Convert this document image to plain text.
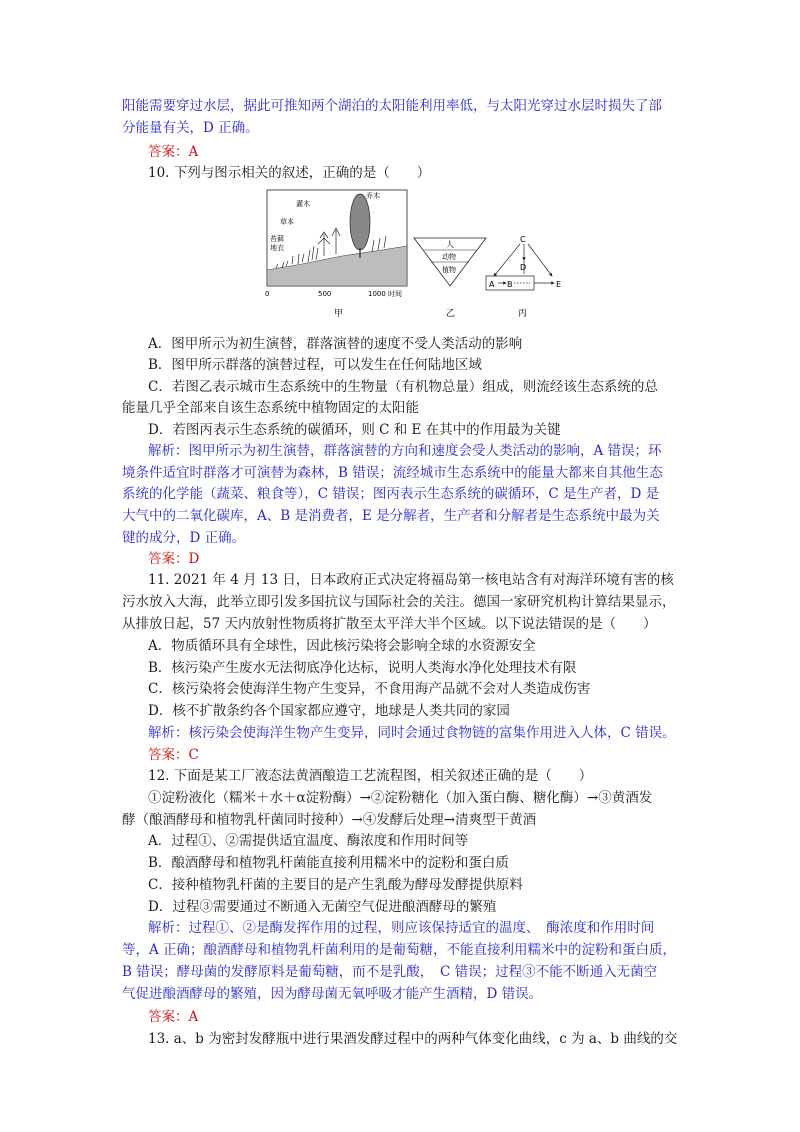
阳能需要穿过水层，据此可推知两个湖泊的太阳能利用率低，与太阳光穿过水层时损失了部
分能量有关，D 正确。
答案：A
10. 下列与图示相关的叙述，正确的是（　　）
A．图甲所示为初生演替，群落演替的速度不受人类活动的影响
B．图甲所示群落的演替过程，可以发生在任何陆地区域
C．若图乙表示城市生态系统中的生物量（有机物总量）组成，则流经该生态系统的总
能量几乎全部来自该生态系统中植物固定的太阳能
D．若图丙表示生态系统的碳循环，则 C 和 E 在其中的作用最为关键
解析：图甲所示为初生演替，群落演替的方向和速度会受人类活动的影响，A 错误；环
境条件适宜时群落才可演替为森林，B 错误；流经城市生态系统中的能量大都来自其他生态
系统的化学能（蔬菜、粮食等），C 错误；图丙表示生态系统的碳循环，C 是生产者，D 是
大气中的二氧化碳库，A、B 是消费者，E 是分解者，生产者和分解者是生态系统中最为关
键的成分，D 正确。
答案：D
11. 2021 年 4 月 13 日，日本政府正式决定将福岛第一核电站含有对海洋环境有害的核
污水放入大海，此举立即引发多国抗议与国际社会的关注。德国一家研究机构计算结果显示，
从排放日起，57 天内放射性物质将扩散至太平洋大半个区域。以下说法错误的是（　　）
A．物质循环具有全球性，因此核污染将会影响全球的水资源安全
B．核污染产生废水无法彻底净化达标，说明人类海水净化处理技术有限
C．核污染将会使海洋生物产生变异，不食用海产品就不会对人类造成伤害
D．核不扩散条约各个国家都应遵守，地球是人类共同的家园
解析：核污染会使海洋生物产生变异，同时会通过食物链的富集作用进入人体，C 错误。
答案：C
12. 下面是某工厂液态法黄酒酿造工艺流程图，相关叙述正确的是（　　）
①淀粉液化（糯米＋水＋α淀粉酶）→②淀粉糖化（加入蛋白酶、糖化酶）→③黄酒发
酵（酿酒酵母和植物乳杆菌同时接种）→④发酵后处理→清爽型干黄酒
A．过程①、②需提供适宜温度、酶浓度和作用时间等
B．酿酒酵母和植物乳杆菌能直接利用糯米中的淀粉和蛋白质
C．接种植物乳杆菌的主要目的是产生乳酸为酵母发酵提供原料
D．过程③需要通过不断通入无菌空气促进酿酒酵母的繁殖
解析：过程①、②是酶发挥作用的过程，则应该保持适宜的温度、　酶浓度和作用时间
等，A 正确；酿酒酵母和植物乳杆菌利用的是葡萄糖，不能直接利用糯米中的淀粉和蛋白质，
B 错误；酵母菌的发酵原料是葡萄糖，而不是乳酸，　C 错误；过程③不能不断通入无菌空
气促进酿酒酵母的繁殖，因为酵母菌无氧呼吸才能产生酒精，D 错误。
答案：A
13. a、b 为密封发酵瓶中进行果酒发酵过程中的两种气体变化曲线，c 为 a、b 曲线的交
乔木
灌木
草本
苔藓
地衣
0	500	1000 时间
甲
人
动物
植物
乙
C
D
A B	E
丙
